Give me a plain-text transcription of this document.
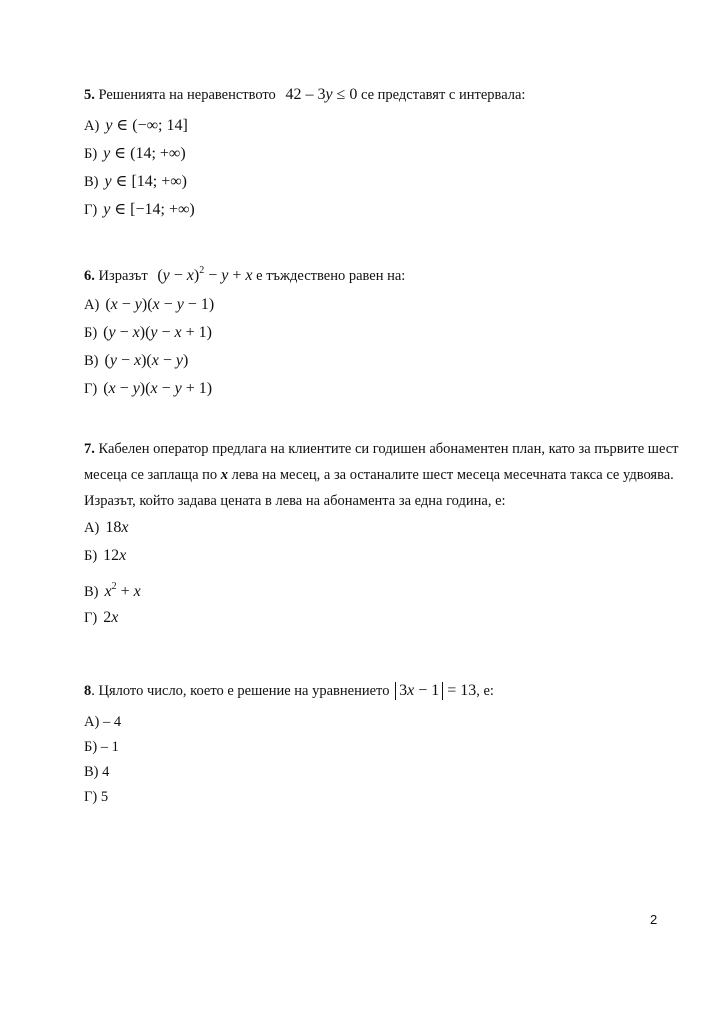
5. Решенията на неравенството 42 – 3y ≤ 0 се представят с интервала:
А) y ∈ (−∞; 14]
Б) y ∈ (14; +∞)
В) y ∈ [14; +∞)
Г) y ∈ [−14; +∞)
6. Изразът $(y - x)^2 - y + x$ е тъждествено равен на:
А) (x − y)(x − y − 1)
Б) (y − x)(y − x + 1)
В) (y − x)(x − y)
Г) (x − y)(x − y + 1)
7. Кабелен оператор предлага на клиентите си годишен абонаментен план, като за първите шест
месеца се заплаща по x лева на месец, а за останалите шест месеца месечната такса се удвоява.
Изразът, който задава цената в лева на абонамента за една година, е:
А) 18x
Б) 12x
В) $x^2 + x$
Г) 2x
8. Цялото число, което е решение на уравнението 3x − 1 = 13, е:
А) – 4
Б) – 1
В) 4
Г) 5
2
